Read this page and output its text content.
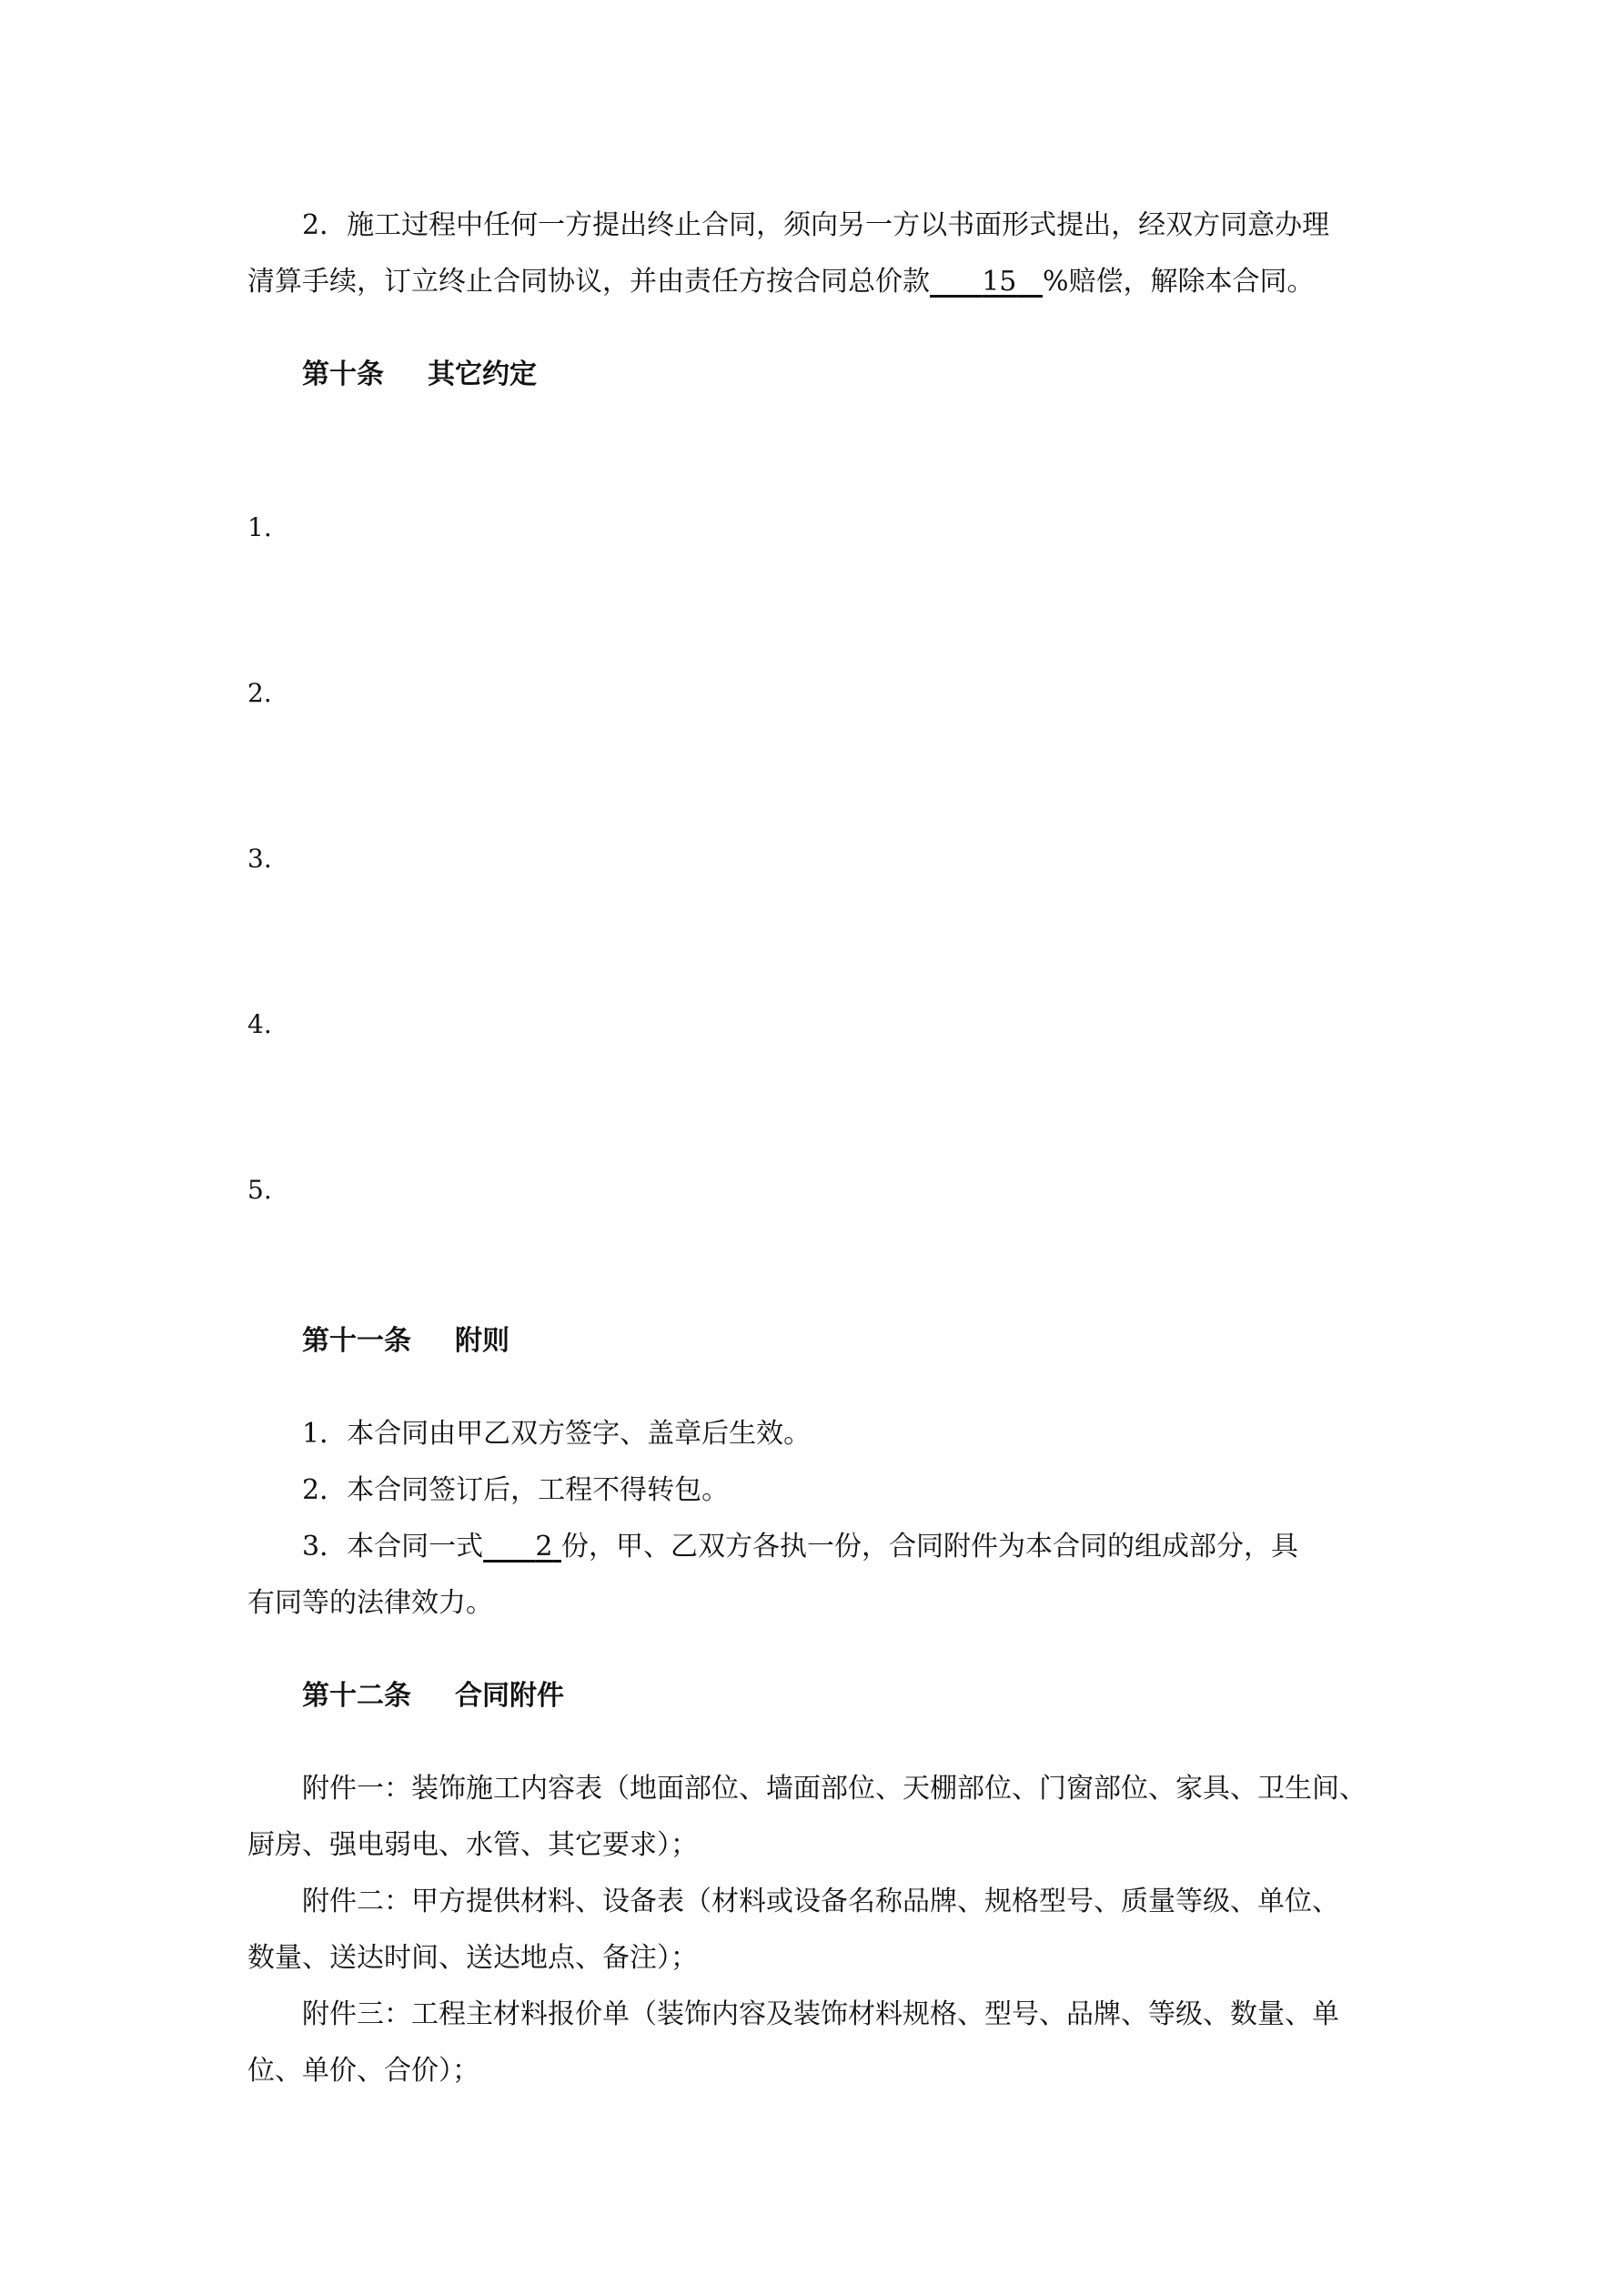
2．施工过程中任何一方提出终止合同，须向另一方以书面形式提出，经双方同意办理
清算手续，订立终止合同协议，并由责任方按合同总价款 15 %赔偿，解除本合同。
第十条 其它约定
1.
2.
3.
4.
5.
第十一条 附则
1．本合同由甲乙双方签字、盖章后生效。
2．本合同签订后，工程不得转包。
3．本合同一式 2 份，甲、乙双方各执一份，合同附件为本合同的组成部分，具
有同等的法律效力。
第十二条 合同附件
附件一：装饰施工内容表（地面部位、墙面部位、天棚部位、门窗部位、家具、卫生间、
厨房、强电弱电、水管、其它要求）；
附件二：甲方提供材料、设备表（材料或设备名称品牌、规格型号、质量等级、单位、
数量、送达时间、送达地点、备注）；
附件三：工程主材料报价单（装饰内容及装饰材料规格、型号、品牌、等级、数量、单
位、单价、合价）；
